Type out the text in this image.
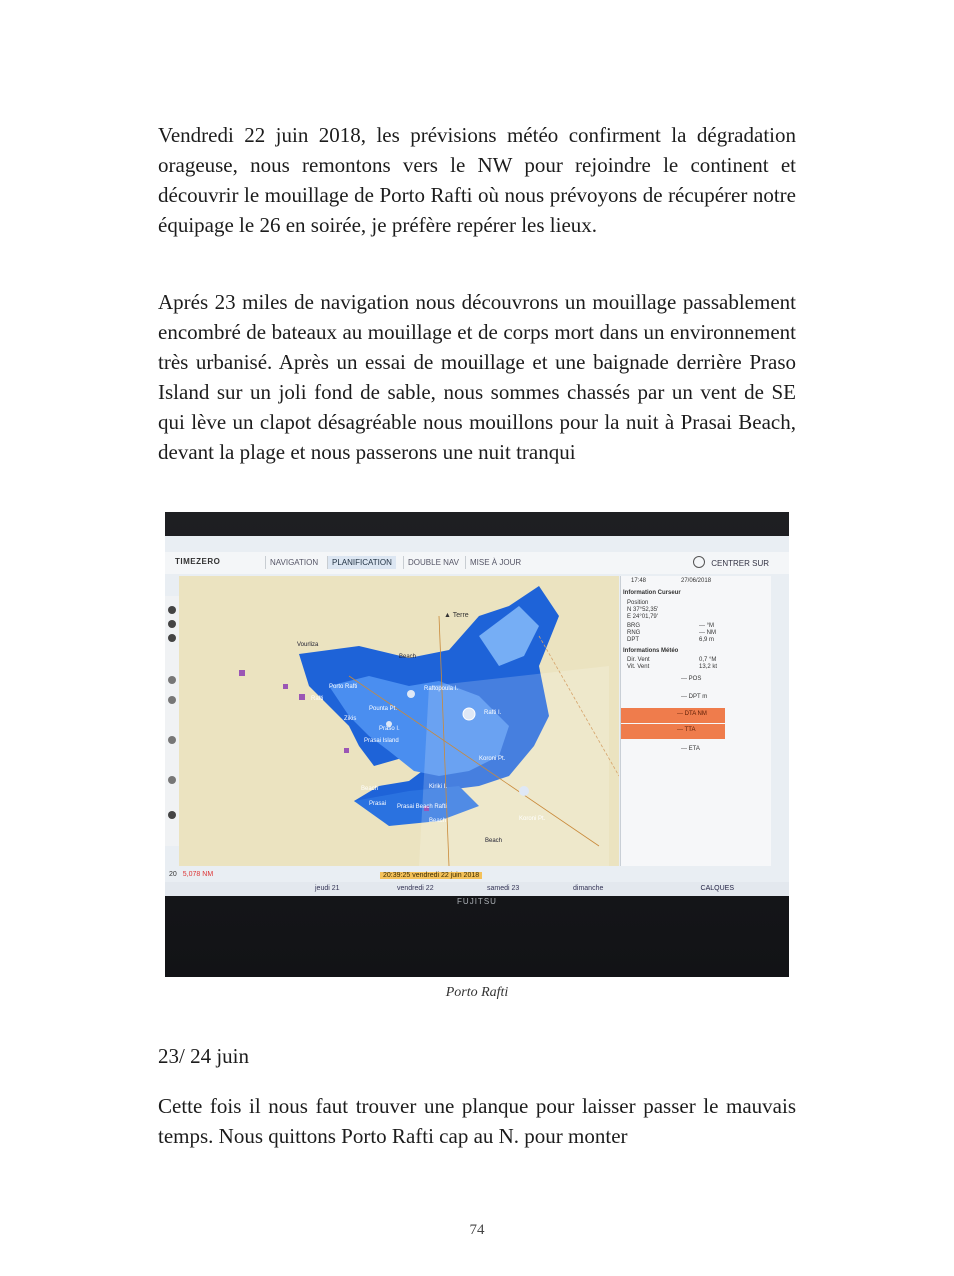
Vendredi 22 juin 2018, les prévisions météo confirment la dégradation orageuse, nous remontons vers le NW pour rejoindre le continent et découvrir le mouillage de Porto Rafti où nous prévoyons de récupérer notre équipage le 26 en soirée, je préfère repérer les lieux.

Aprés 23 miles de navigation nous découvrons un mouillage passablement encombré de bateaux au mouillage et de corps mort dans un environnement très urbanisé. Après un essai de mouillage et une baignade derrière Praso Island sur un joli fond de sable, nous sommes chassés par un vent de SE qui lève un clapot désagréable nous mouillons pour la nuit à Prasai Beach, devant la plage et nous passerons une nuit tranqui

TIMEZERO	NAVIGATION	PLANIFICATION	DOUBLE NAV	MISE À JOUR	CENTRER SUR
▲ Terre
Vourliza
Beach
Porto Rafti	Raftopoula I.
Rafti
Pounta Pt.
Zikis
Praso I.
Prasai Island
Rafti I.
Koroni Pt.
Beach
Prasai
Kiriki I.
Prasai Beach Rafti
Beach	Koroni Pt.
Beach
17:48	27/06/2018
Information Curseur
Position
N 37°52,35'
E 24°01,79'
BRG	--- °M
RNG	--- NM
DPT	6,9 m
Informations Météo
Dir. Vent	0,7 °M
Vit. Vent	13,2 kt
--- POS
--- DPT m
--- DTA NM
--- TTA
--- ETA
20 5,078 NM	20:39:25 vendredi 22 juin 2018
jeudi 21	vendredi 22	samedi 23	dimanche	CALQUES
FUJITSU
Porto Rafti
23/ 24 juin

Cette fois il nous faut trouver une planque pour laisser passer le mauvais temps. Nous quittons Porto Rafti cap au N. pour monter

74
